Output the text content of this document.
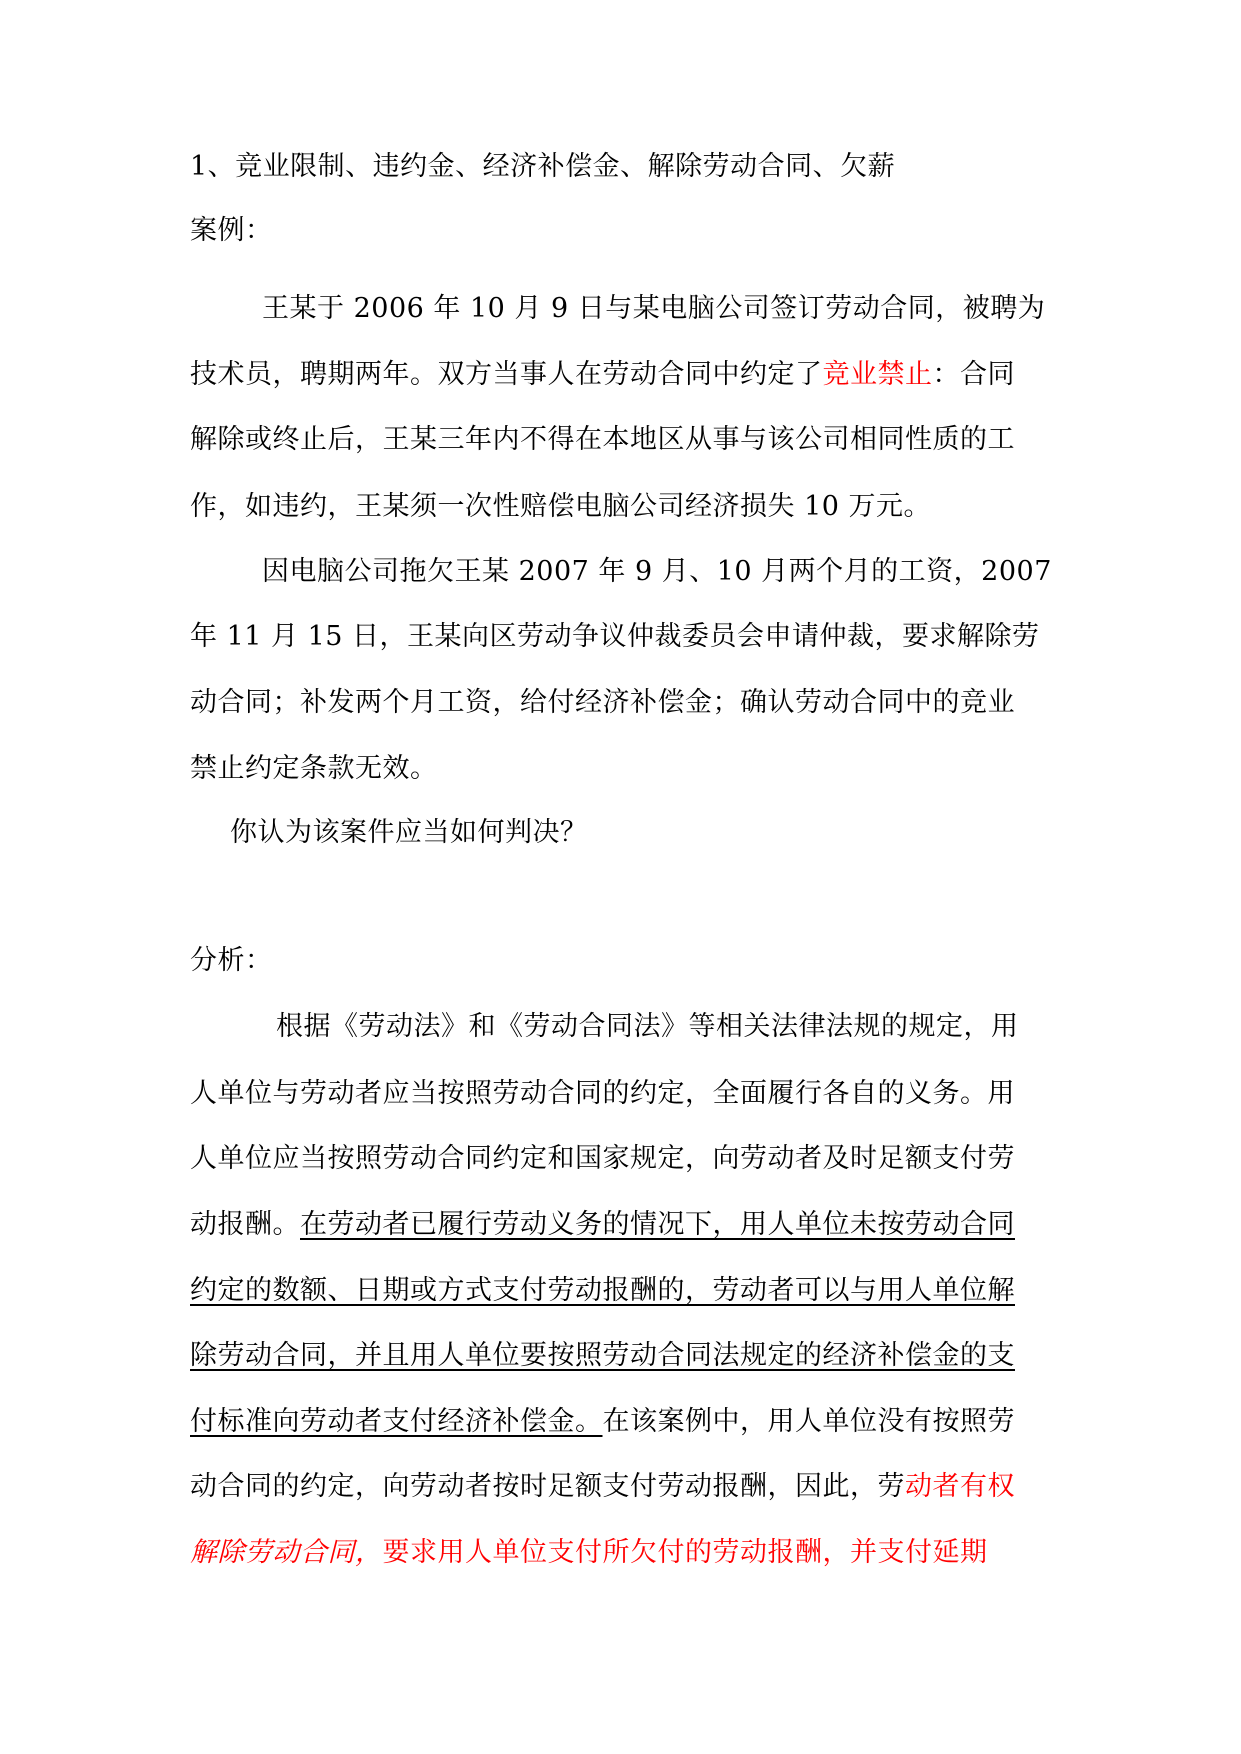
1、竞业限制、违约金、经济补偿金、解除劳动合同、欠薪
案例：
王某于 2006 年 10 月 9 日与某电脑公司签订劳动合同，被聘为
技术员，聘期两年。双方当事人在劳动合同中约定了竞业禁止：合同
解除或终止后，王某三年内不得在本地区从事与该公司相同性质的工
作，如违约，王某须一次性赔偿电脑公司经济损失 10 万元。
因电脑公司拖欠王某 2007 年 9 月、10 月两个月的工资，2007
年 11 月 15 日，王某向区劳动争议仲裁委员会申请仲裁，要求解除劳
动合同；补发两个月工资，给付经济补偿金；确认劳动合同中的竞业
禁止约定条款无效。
你认为该案件应当如何判决？
分析：
根据《劳动法》和《劳动合同法》等相关法律法规的规定，用
人单位与劳动者应当按照劳动合同的约定，全面履行各自的义务。用
人单位应当按照劳动合同约定和国家规定，向劳动者及时足额支付劳
动报酬。在劳动者已履行劳动义务的情况下，用人单位未按劳动合同
约定的数额、日期或方式支付劳动报酬的，劳动者可以与用人单位解
除劳动合同，并且用人单位要按照劳动合同法规定的经济补偿金的支
付标准向劳动者支付经济补偿金。在该案例中，用人单位没有按照劳
动合同的约定，向劳动者按时足额支付劳动报酬，因此，劳动者有权
解除劳动合同，要求用人单位支付所欠付的劳动报酬，并支付延期
